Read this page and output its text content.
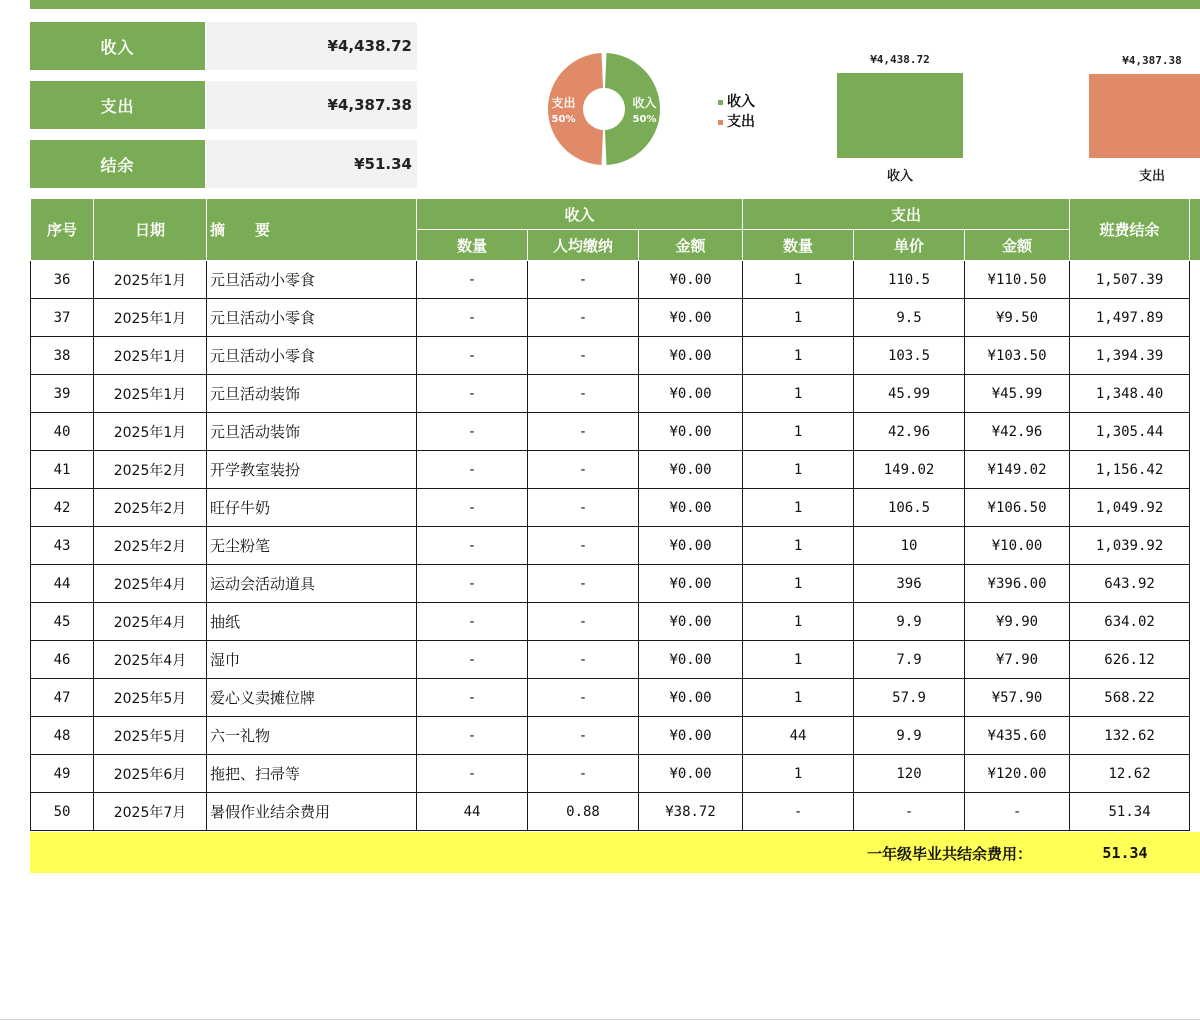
收入	¥4,438.72
支出	¥4,387.38
结余	¥51.34
收入
50%
支出
50%
收入
支出
¥4,438.72
收入
¥4,387.38
支出
序号	日期	摘　　要	收入			支出			班费结余	
			数量	人均缴纳	金额	数量	单价	金额		
36	2025年1月	元旦活动小零食	-	-	¥0.00	1	110.5	¥110.50	1,507.39	
37	2025年1月	元旦活动小零食	-	-	¥0.00	1	9.5	¥9.50	1,497.89	
38	2025年1月	元旦活动小零食	-	-	¥0.00	1	103.5	¥103.50	1,394.39	
39	2025年1月	元旦活动装饰	-	-	¥0.00	1	45.99	¥45.99	1,348.40	
40	2025年1月	元旦活动装饰	-	-	¥0.00	1	42.96	¥42.96	1,305.44	
41	2025年2月	开学教室装扮	-	-	¥0.00	1	149.02	¥149.02	1,156.42	
42	2025年2月	旺仔牛奶	-	-	¥0.00	1	106.5	¥106.50	1,049.92	
43	2025年2月	无尘粉笔	-	-	¥0.00	1	10	¥10.00	1,039.92	
44	2025年4月	运动会活动道具	-	-	¥0.00	1	396	¥396.00	643.92	
45	2025年4月	抽纸	-	-	¥0.00	1	9.9	¥9.90	634.02	
46	2025年4月	湿巾	-	-	¥0.00	1	7.9	¥7.90	626.12	
47	2025年5月	爱心义卖摊位牌	-	-	¥0.00	1	57.9	¥57.90	568.22	
48	2025年5月	六一礼物	-	-	¥0.00	44	9.9	¥435.60	132.62	
49	2025年6月	拖把、扫帚等	-	-	¥0.00	1	120	¥120.00	12.62	
50	2025年7月	暑假作业结余费用	44	0.88	¥38.72	-	-	-	51.34	
一年级毕业共结余费用：	51.34
